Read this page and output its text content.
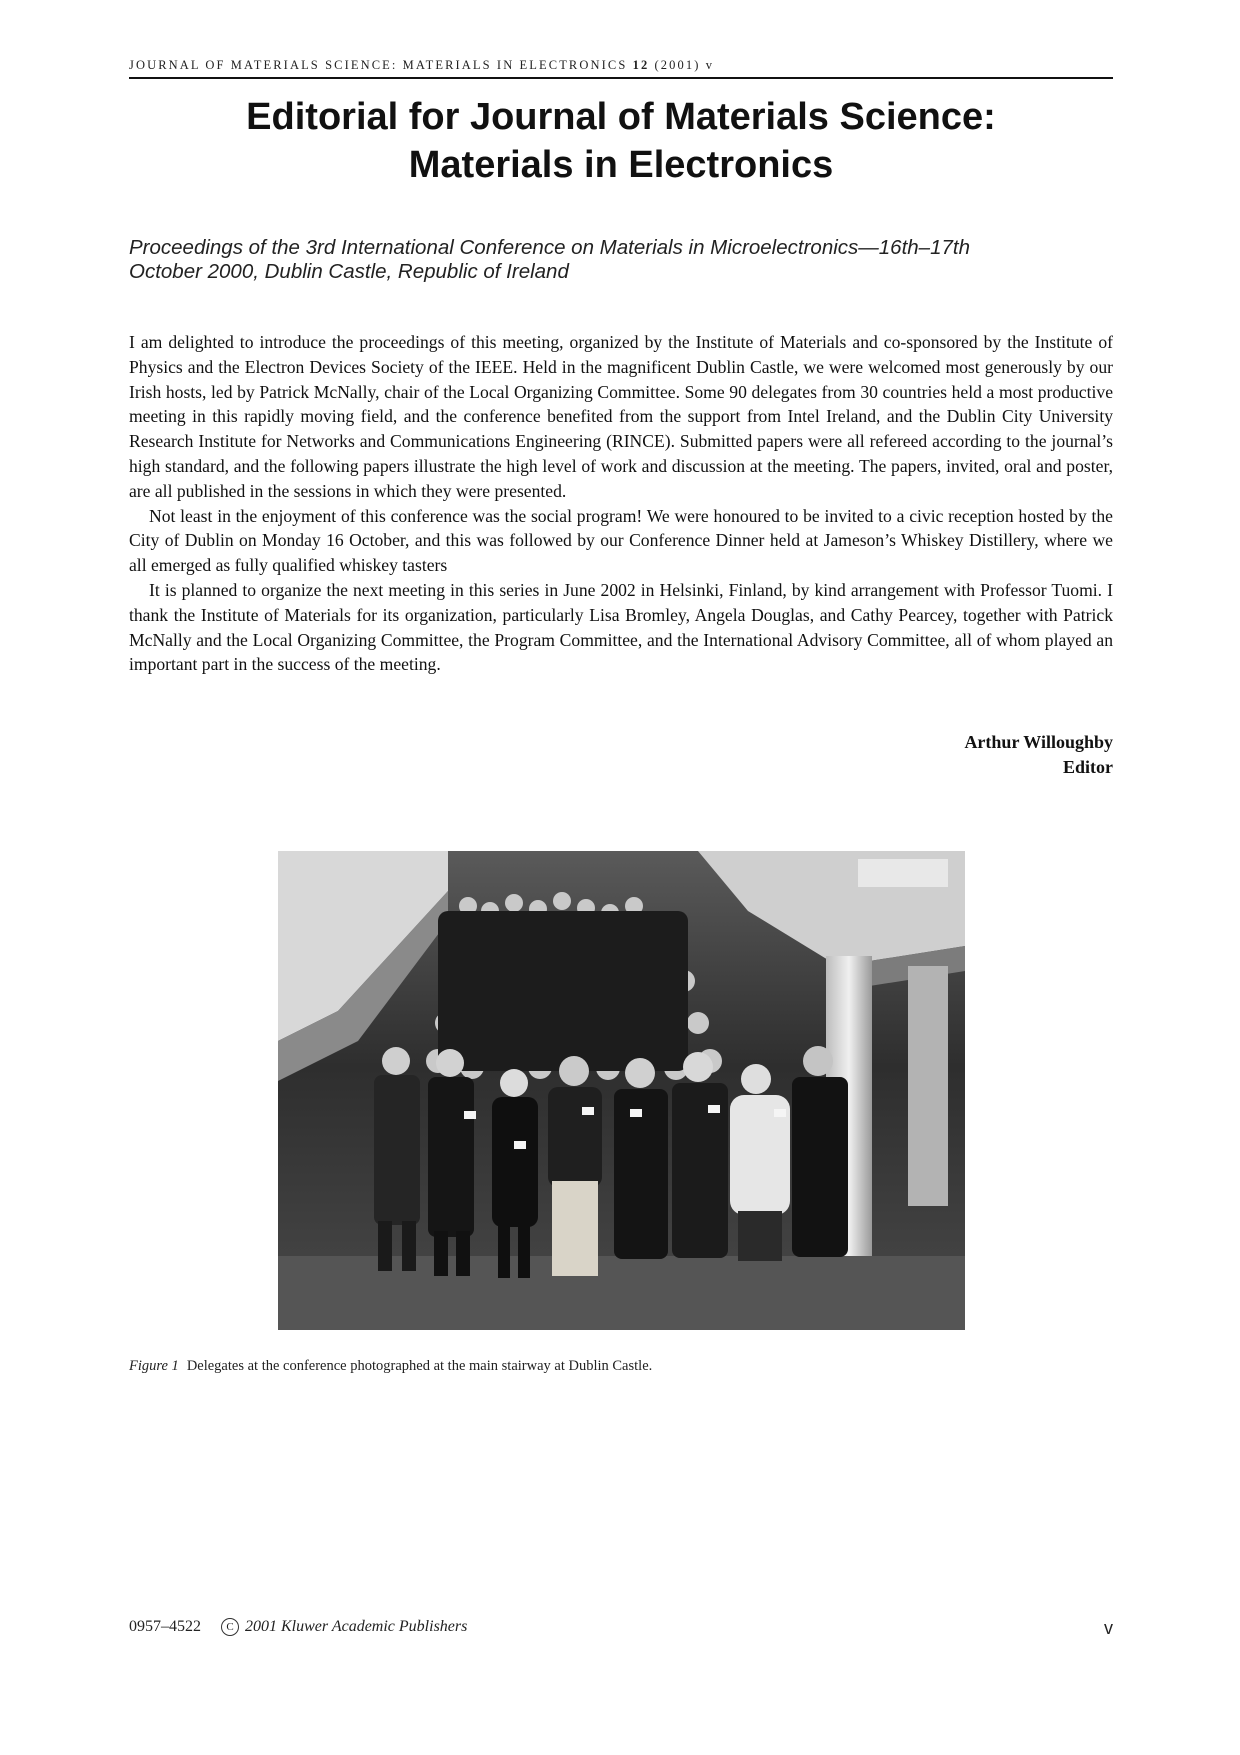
JOURNAL OF MATERIALS SCIENCE: MATERIALS IN ELECTRONICS 12 (2001) v
Editorial for Journal of Materials Science:
Materials in Electronics
Proceedings of the 3rd International Conference on Materials in Microelectronics—16th–17th
October 2000, Dublin Castle, Republic of Ireland

I am delighted to introduce the proceedings of this meeting, organized by the Institute of Materials and co-sponsored by the Institute of Physics and the Electron Devices Society of the IEEE. Held in the magnificent Dublin Castle, we were welcomed most generously by our Irish hosts, led by Patrick McNally, chair of the Local Organizing Committee. Some 90 delegates from 30 countries held a most productive meeting in this rapidly moving field, and the conference benefited from the support from Intel Ireland, and the Dublin City University Research Institute for Networks and Communications Engineering (RINCE). Submitted papers were all refereed according to the journal’s high standard, and the following papers illustrate the high level of work and discussion at the meeting. The papers, invited, oral and poster, are all published in the sessions in which they were presented.

Not least in the enjoyment of this conference was the social program! We were honoured to be invited to a civic reception hosted by the City of Dublin on Monday 16 October, and this was followed by our Conference Dinner held at Jameson’s Whiskey Distillery, where we all emerged as fully qualified whiskey tasters

It is planned to organize the next meeting in this series in June 2002 in Helsinki, Finland, by kind arrangement with Professor Tuomi. I thank the Institute of Materials for its organization, particularly Lisa Bromley, Angela Douglas, and Cathy Pearcey, together with Patrick McNally and the Local Organizing Committee, the Program Committee, and the International Advisory Committee, all of whom played an important part in the success of the meeting.

Arthur Willoughby
Editor
Figure 1 Delegates at the conference photographed at the main stairway at Dublin Castle.
0957–4522 C 2001 Kluwer Academic Publishers	v
